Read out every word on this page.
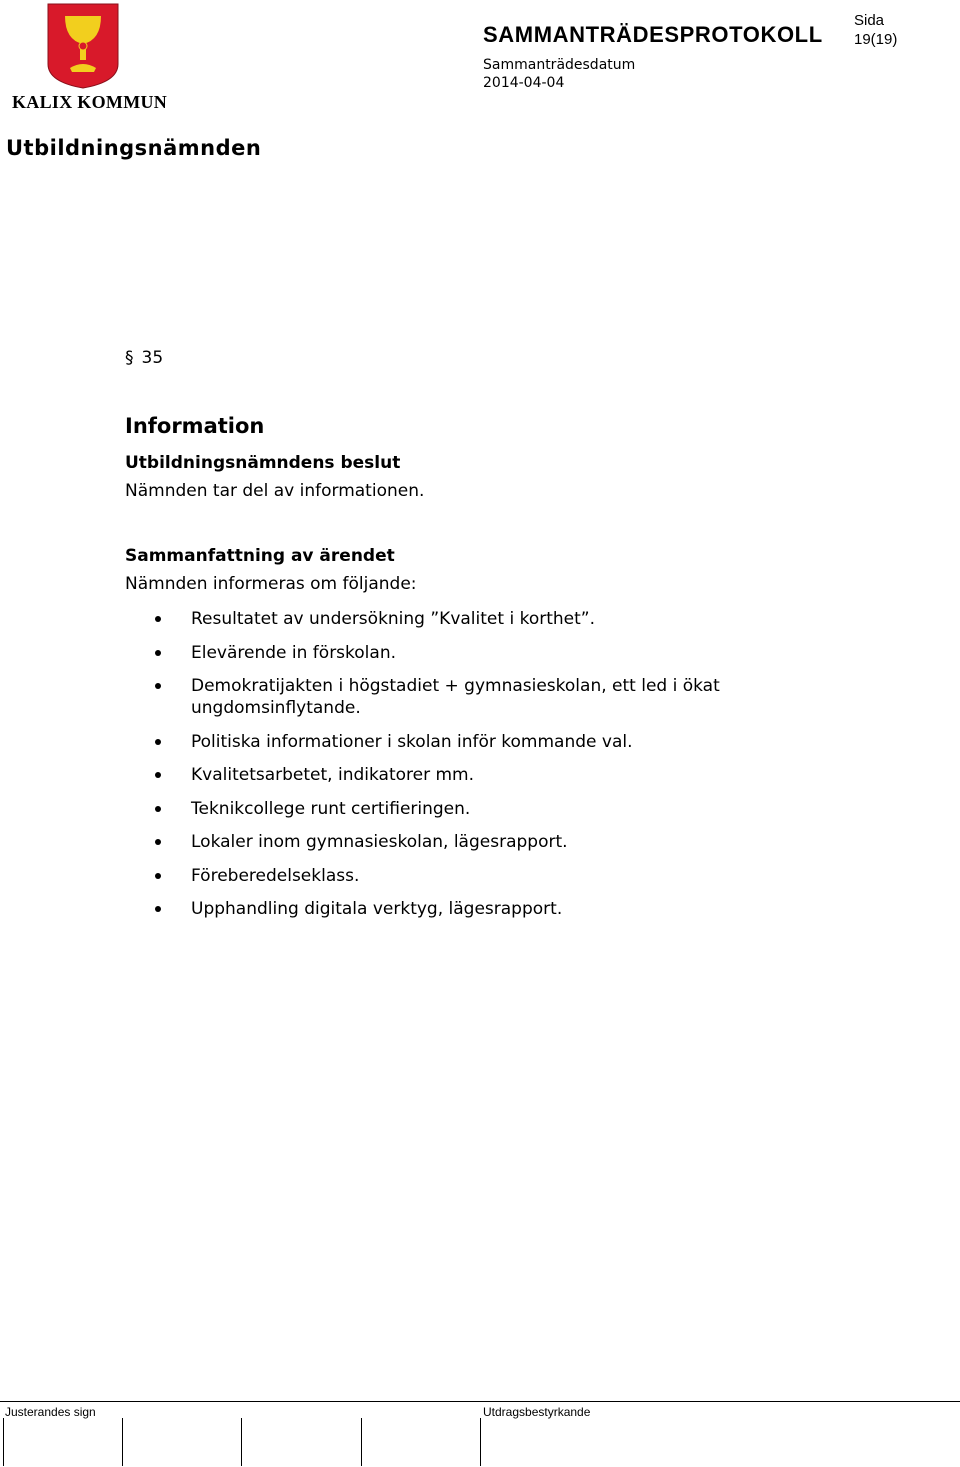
KALIX KOMMUN
SAMMANTRÄDESPROTOKOLL
Sida
19(19)
Sammanträdesdatum
2014-04-04
Utbildningsnämnden
§ 35
Information
Utbildningsnämndens beslut
Nämnden tar del av informationen.
Sammanfattning av ärendet
Nämnden informeras om följande:
Resultatet av undersökning ”Kvalitet i korthet”.
Elevärende in förskolan.
Demokratijakten i högstadiet + gymnasieskolan, ett led i ökat ungdomsinflytande.
Politiska informationer i skolan inför kommande val.
Kvalitetsarbetet, indikatorer mm.
Teknikcollege runt certifieringen.
Lokaler inom gymnasieskolan, lägesrapport.
Föreberedelseklass.
Upphandling digitala verktyg, lägesrapport.
Justerandes sign	Utdragsbestyrkande
